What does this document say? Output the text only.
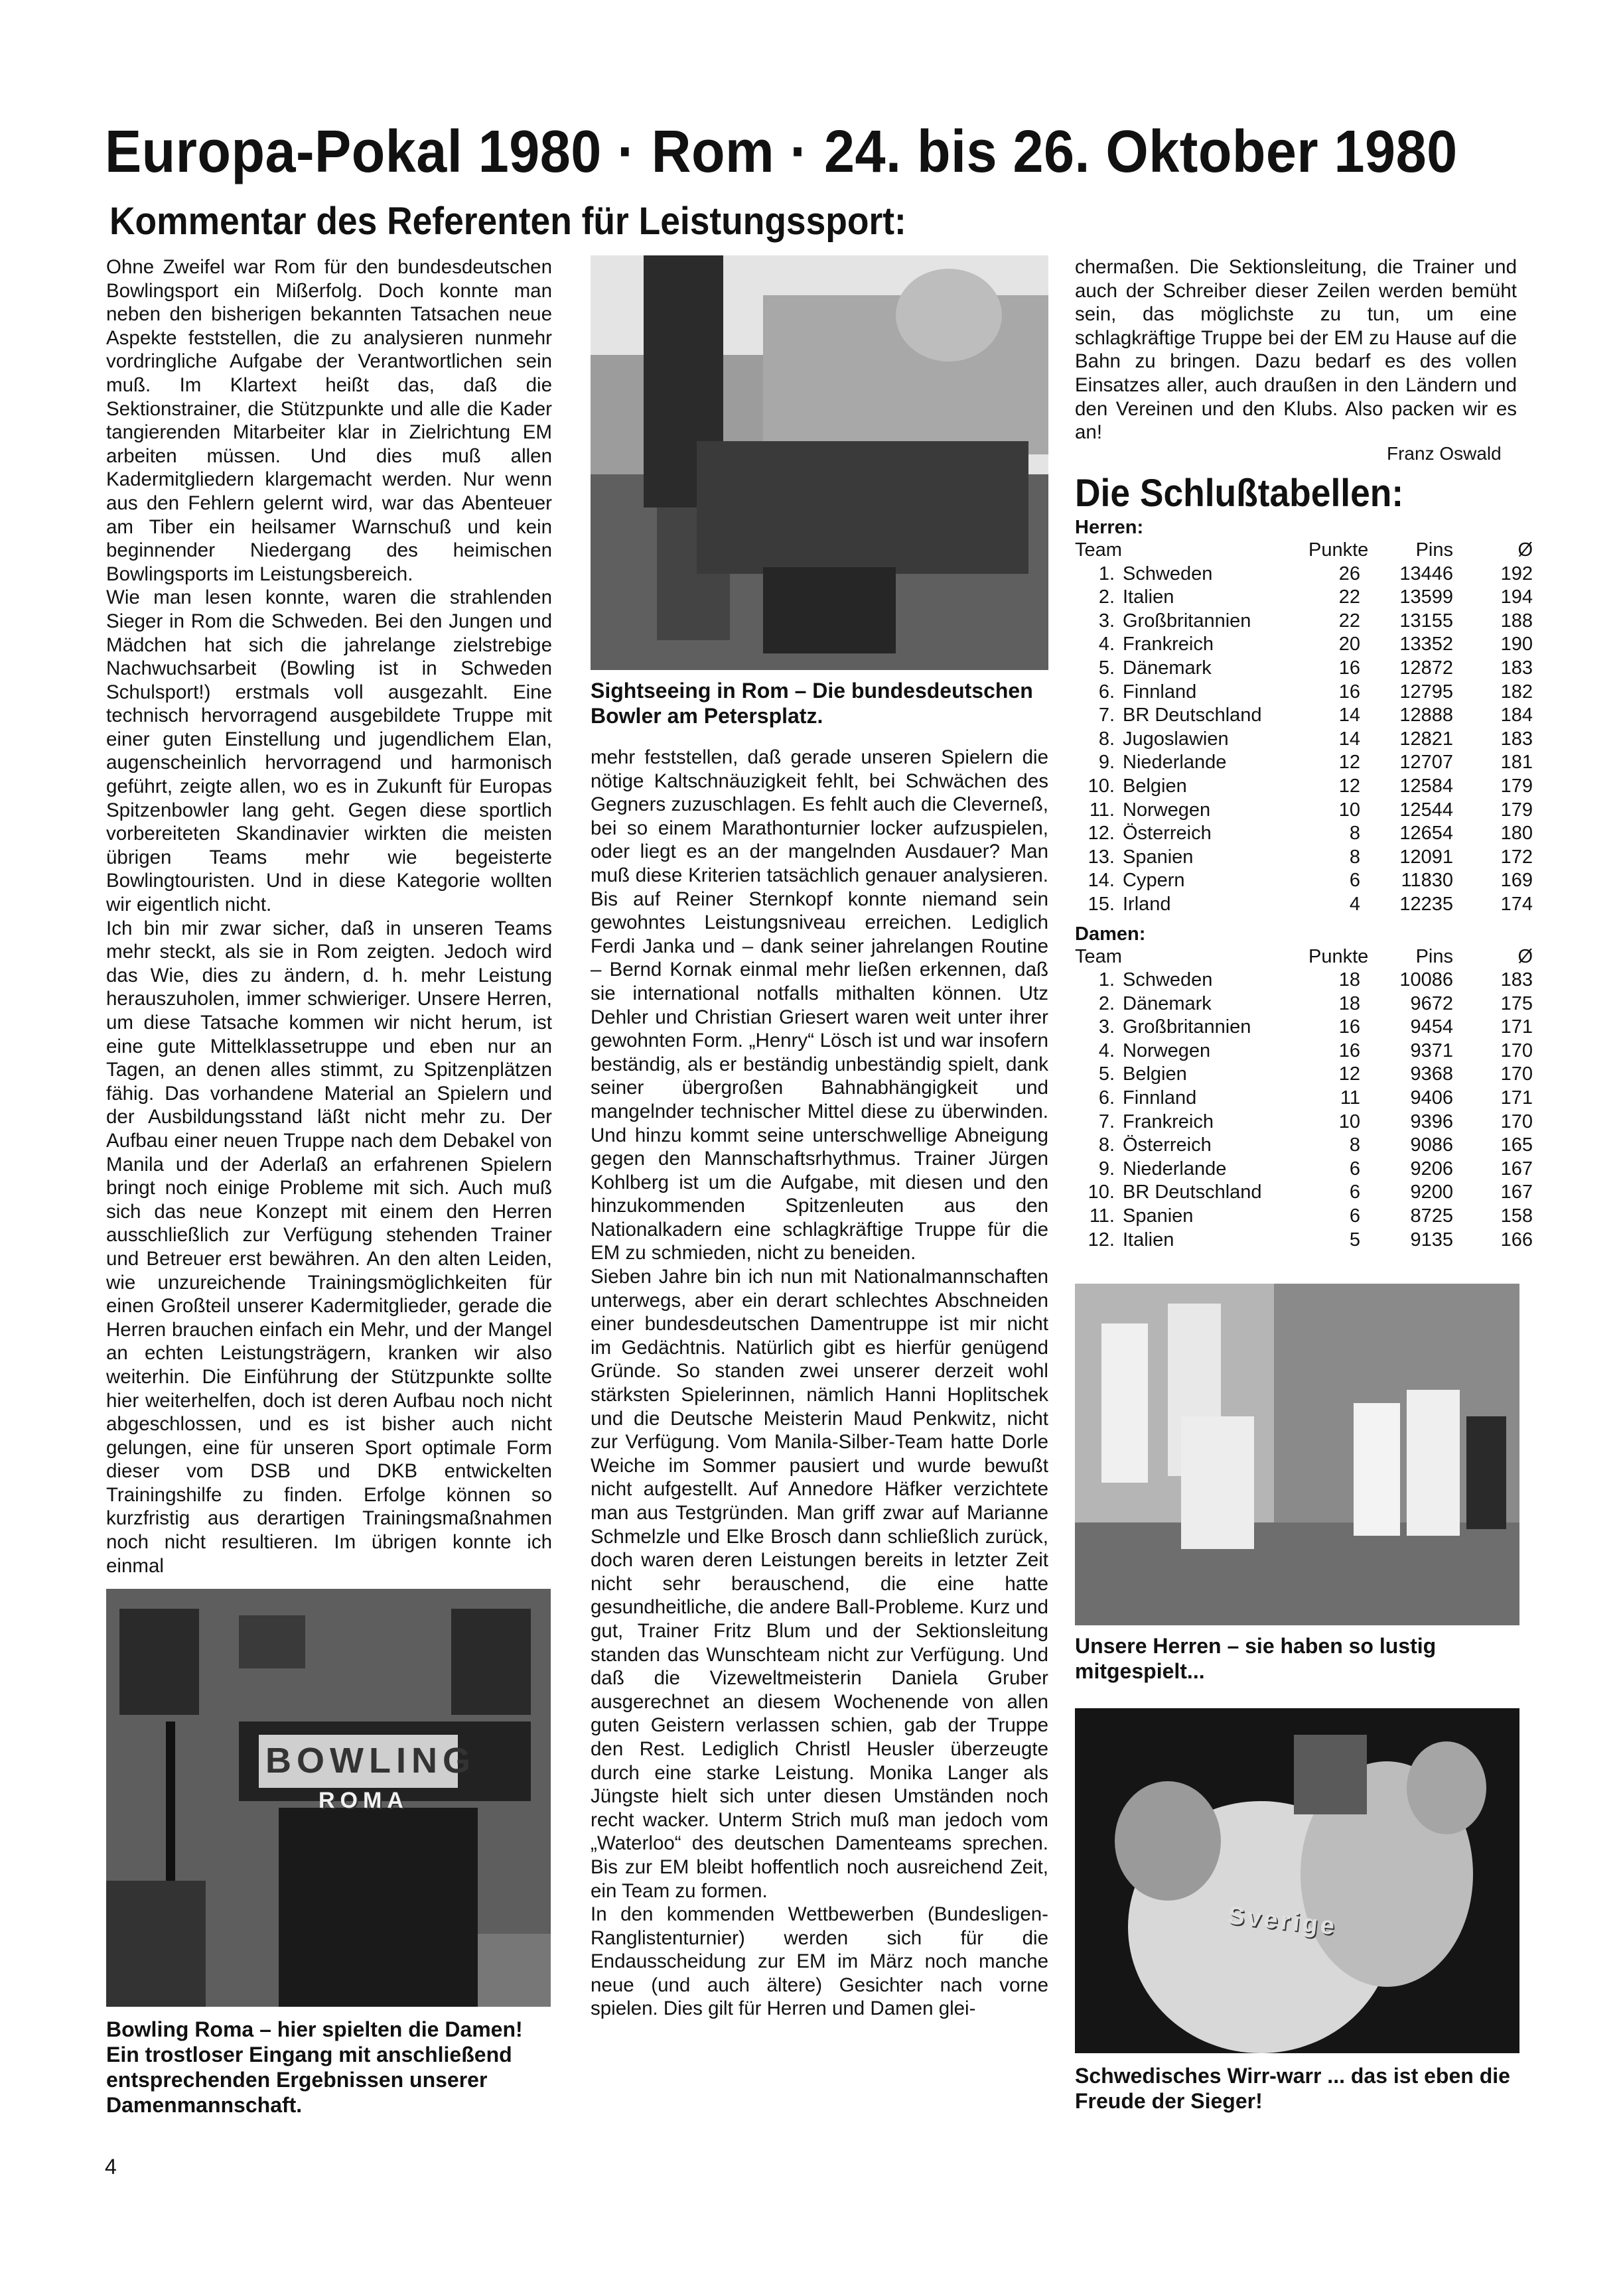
Europa-Pokal 1980 · Rom · 24. bis 26. Oktober 1980
Kommentar des Referenten für Leistungssport:

Ohne Zweifel war Rom für den bundesdeutschen Bowlingsport ein Mißerfolg. Doch konnte man neben den bisherigen bekannten Tatsachen neue Aspekte feststellen, die zu analysieren nunmehr vordringliche Aufgabe der Verantwortlichen sein muß. Im Klartext heißt das, daß die Sektionstrainer, die Stützpunkte und alle die Kader tangierenden Mitarbeiter klar in Zielrichtung EM arbeiten müssen. Und dies muß allen Kadermitgliedern klargemacht werden. Nur wenn aus den Fehlern gelernt wird, war das Abenteuer am Tiber ein heilsamer Warnschuß und kein beginnender Niedergang des heimischen Bowlingsports im Leistungsbereich.

Wie man lesen konnte, waren die strahlenden Sieger in Rom die Schweden. Bei den Jungen und Mädchen hat sich die jahrelange zielstrebige Nachwuchsarbeit (Bowling ist in Schweden Schulsport!) erstmals voll ausgezahlt. Eine technisch hervorragend ausgebildete Truppe mit einer guten Einstellung und jugendlichem Elan, augenscheinlich hervorragend und harmonisch geführt, zeigte allen, wo es in Zukunft für Europas Spitzenbowler lang geht. Gegen diese sportlich vorbereiteten Skandinavier wirkten die meisten übrigen Teams mehr wie begeisterte Bowlingtouristen. Und in diese Kategorie wollten wir eigentlich nicht.

Ich bin mir zwar sicher, daß in unseren Teams mehr steckt, als sie in Rom zeigten. Jedoch wird das Wie, dies zu ändern, d. h. mehr Leistung herauszuholen, immer schwieriger. Unsere Herren, um diese Tatsache kommen wir nicht herum, ist eine gute Mittelklassetruppe und eben nur an Tagen, an denen alles stimmt, zu Spitzenplätzen fähig. Das vorhandene Material an Spielern und der Ausbildungsstand läßt nicht mehr zu. Der Aufbau einer neuen Truppe nach dem Debakel von Manila und der Aderlaß an erfahrenen Spielern bringt noch einige Probleme mit sich. Auch muß sich das neue Konzept mit einem den Herren ausschließlich zur Verfügung stehenden Trainer und Betreuer erst bewähren. An den alten Leiden, wie unzureichende Trainingsmöglichkeiten für einen Großteil unserer Kadermitglieder, gerade die Herren brauchen einfach ein Mehr, und der Mangel an echten Leistungsträgern, kranken wir also weiterhin. Die Einführung der Stützpunkte sollte hier weiterhelfen, doch ist deren Aufbau noch nicht abgeschlossen, und es ist bisher auch nicht gelungen, eine für unseren Sport optimale Form dieser vom DSB und DKB entwickelten Trainingshilfe zu finden. Erfolge können so kurzfristig aus derartigen Trainingsmaßnahmen noch nicht resultieren. Im übrigen konnte ich einmal

BOWLING
ROMA
Bowling Roma – hier spielten die Damen! Ein trostloser Eingang mit anschließend entsprechenden Ergebnissen unserer Damenmannschaft.
Sightseeing in Rom – Die bundesdeutschen Bowler am Petersplatz.

mehr feststellen, daß gerade unseren Spielern die nötige Kaltschnäuzigkeit fehlt, bei Schwächen des Gegners zuzuschlagen. Es fehlt auch die Cleverneß, bei so einem Marathonturnier locker aufzuspielen, oder liegt es an der mangelnden Ausdauer? Man muß diese Kriterien tatsächlich genauer analysieren. Bis auf Reiner Sternkopf konnte niemand sein gewohntes Leistungsniveau erreichen. Lediglich Ferdi Janka und – dank seiner jahrelangen Routine – Bernd Kornak einmal mehr ließen erkennen, daß sie international notfalls mithalten können. Utz Dehler und Christian Griesert waren weit unter ihrer gewohnten Form. „Henry“ Lösch ist und war insofern beständig, als er beständig unbeständig spielt, dank seiner übergroßen Bahnabhängigkeit und mangelnder technischer Mittel diese zu überwinden. Und hinzu kommt seine unterschwellige Abneigung gegen den Mannschaftsrhythmus. Trainer Jürgen Kohlberg ist um die Aufgabe, mit diesen und den hinzukommenden Spitzenleuten aus den Nationalkadern eine schlagkräftige Truppe für die EM zu schmieden, nicht zu beneiden.

Sieben Jahre bin ich nun mit Nationalmannschaften unterwegs, aber ein derart schlechtes Abschneiden einer bundesdeutschen Damentruppe ist mir nicht im Gedächtnis. Natürlich gibt es hierfür genügend Gründe. So standen zwei unserer derzeit wohl stärksten Spielerinnen, nämlich Hanni Hoplitschek und die Deutsche Meisterin Maud Penkwitz, nicht zur Verfügung. Vom Manila-Silber-Team hatte Dorle Weiche im Sommer pausiert und wurde bewußt nicht aufgestellt. Auf Annedore Häfker verzichtete man aus Testgründen. Man griff zwar auf Marianne Schmelzle und Elke Brosch dann schließlich zurück, doch waren deren Leistungen bereits in letzter Zeit nicht sehr berauschend, die eine hatte gesundheitliche, die andere Ball-Probleme. Kurz und gut, Trainer Fritz Blum und der Sektionsleitung standen das Wunschteam nicht zur Verfügung. Und daß die Vizeweltmeisterin Daniela Gruber ausgerechnet an diesem Wochenende von allen guten Geistern verlassen schien, gab der Truppe den Rest. Lediglich Christl Heusler überzeugte durch eine starke Leistung. Monika Langer als Jüngste hielt sich unter diesen Umständen noch recht wacker. Unterm Strich muß man jedoch vom „Waterloo“ des deutschen Damenteams sprechen. Bis zur EM bleibt hoffentlich noch ausreichend Zeit, ein Team zu formen.

In den kommenden Wettbewerben (Bundesligen-Ranglistenturnier) werden sich für die Endausscheidung zur EM im März noch manche neue (und auch ältere) Gesichter nach vorne spielen. Dies gilt für Herren und Damen glei-

chermaßen. Die Sektionsleitung, die Trainer und auch der Schreiber dieser Zeilen werden bemüht sein, das möglichste zu tun, um eine schlagkräftige Truppe bei der EM zu Hause auf die Bahn zu bringen. Dazu bedarf es des vollen Einsatzes aller, auch draußen in den Ländern und den Vereinen und den Klubs. Also packen wir es an!

Franz Oswald
Die Schlußtabellen:
Herren:
Team	Punkte	Pins	Ø
1. Schweden	26	13446	192
2. Italien	22	13599	194
3. Großbritannien	22	13155	188
4. Frankreich	20	13352	190
5. Dänemark	16	12872	183
6. Finnland	16	12795	182
7. BR Deutschland	14	12888	184
8. Jugoslawien	14	12821	183
9. Niederlande	12	12707	181
10. Belgien	12	12584	179
11. Norwegen	10	12544	179
12. Österreich	8	12654	180
13. Spanien	8	12091	172
14. Cypern	6	11830	169
15. Irland	4	12235	174
Damen:
Team	Punkte	Pins	Ø
1. Schweden	18	10086	183
2. Dänemark	18	9672	175
3. Großbritannien	16	9454	171
4. Norwegen	16	9371	170
5. Belgien	12	9368	170
6. Finnland	11	9406	171
7. Frankreich	10	9396	170
8. Österreich	8	9086	165
9. Niederlande	6	9206	167
10. BR Deutschland	6	9200	167
11. Spanien	6	8725	158
12. Italien	5	9135	166
Unsere Herren – sie haben so lustig mitgespielt...
Sverige
Schwedisches Wirr-warr ... das ist eben die Freude der Sieger!
4
